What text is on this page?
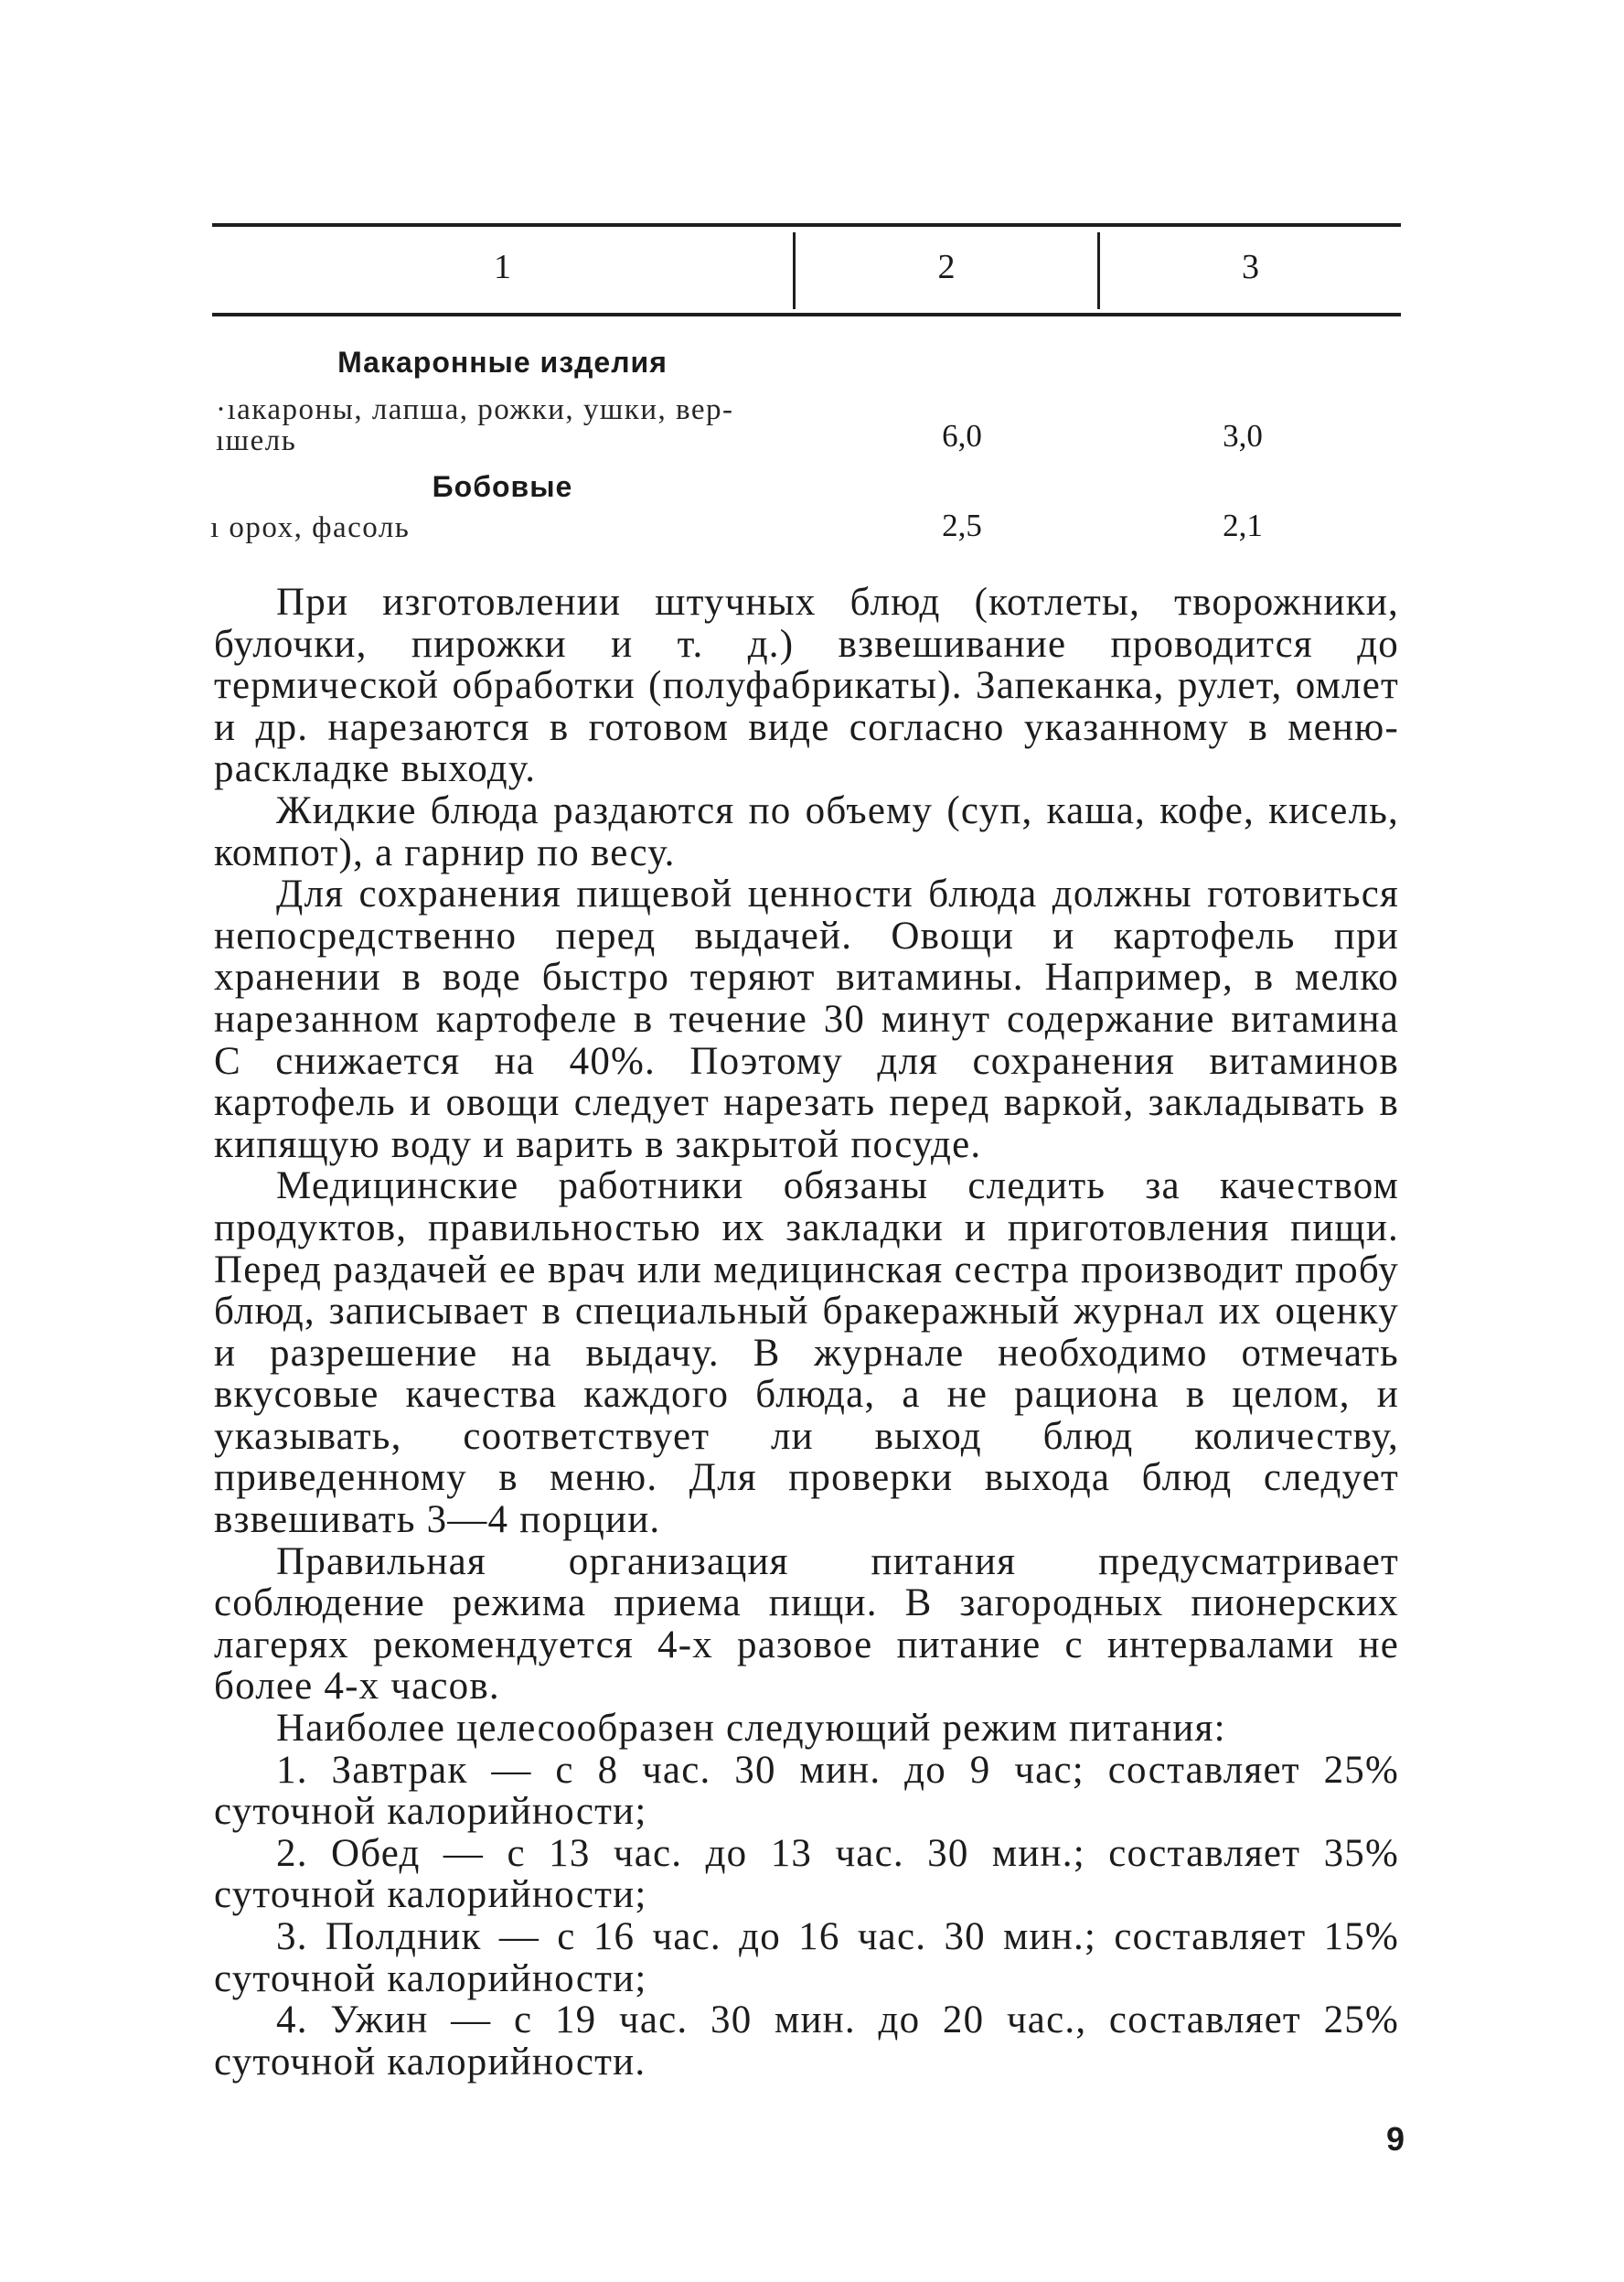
1	2	3
Макаронные изделия
·ıакароны, лапша, рожки, ушки, вер-
ıшель	6,0	3,0
Бобовые
ı орох, фасоль	2,5	2,1

При изготовлении штучных блюд (котлеты, творожники, булочки, пирожки и т. д.) взвешивание проводится до термической обработки (полуфабрикаты). Запеканка, рулет, омлет и др. нарезаются в готовом виде согласно указанному в меню-раскладке выходу.

Жидкие блюда раздаются по объему (суп, каша, кофе, кисель, компот), а гарнир по весу.

Для сохранения пищевой ценности блюда должны готовиться непосредственно перед выдачей. Овощи и картофель при хранении в воде быстро теряют витамины. Например, в мелко нарезанном картофеле в течение 30 минут содержание витамина С снижается на 40%. Поэтому для сохранения витаминов картофель и овощи следует нарезать перед варкой, закладывать в кипящую воду и варить в закрытой посуде.

Медицинские работники обязаны следить за качеством продуктов, правильностью их закладки и приготовления пищи. Перед раздачей ее врач или медицинская сестра производит пробу блюд, записывает в специальный бракеражный журнал их оценку и разрешение на выдачу. В журнале необходимо отмечать вкусовые качества каждого блюда, а не рациона в целом, и указывать, соответствует ли выход блюд количеству, приведенному в меню. Для проверки выхода блюд следует взвешивать 3—4 порции.

Правильная организация питания предусматривает соблюдение режима приема пищи. В загородных пионерских лагерях рекомендуется 4-х разовое питание с интервалами не более 4-х часов.

Наиболее целесообразен следующий режим питания:

1. Завтрак — с 8 час. 30 мин. до 9 час; составляет 25% суточной калорийности;

2. Обед — с 13 час. до 13 час. 30 мин.; составляет 35% суточной калорийности;

3. Полдник — с 16 час. до 16 час. 30 мин.; составляет 15% суточной калорийности;

4. Ужин — с 19 час. 30 мин. до 20 час., составляет 25% суточной калорийности.

9
